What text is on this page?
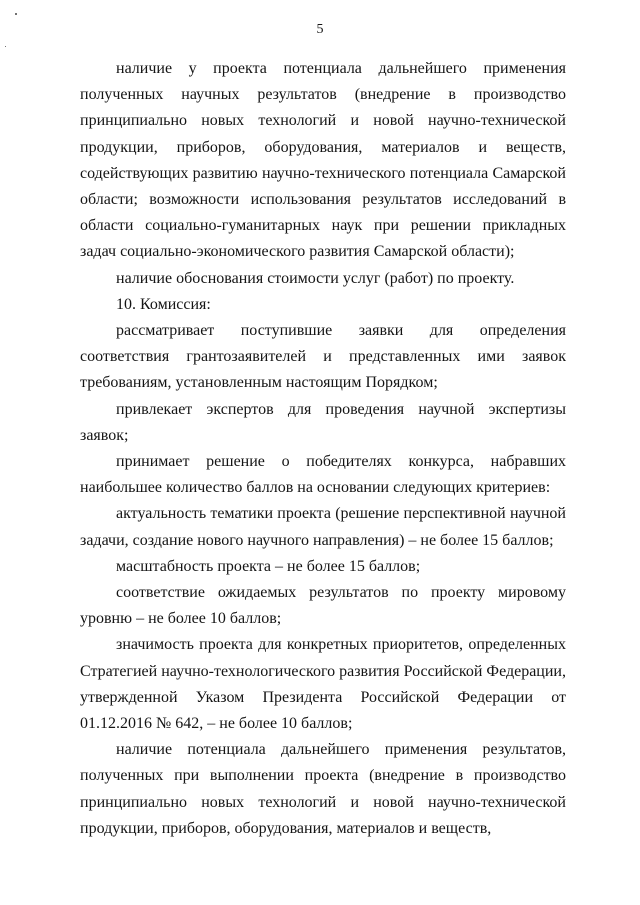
5

наличие у проекта потенциала дальнейшего применения полученных научных результатов (внедрение в производство принципиально новых технологий и новой научно-технической продукции, приборов, оборудования, материалов и веществ, содействующих развитию научно-технического потенциала Самарской области; возможности использования результатов исследований в области социально-гуманитарных наук при решении прикладных задач социально-экономического развития Самарской области);

наличие обоснования стоимости услуг (работ) по проекту.

10. Комиссия:

рассматривает поступившие заявки для определения соответствия грантозаявителей и представленных ими заявок требованиям, установленным настоящим Порядком;

привлекает экспертов для проведения научной экспертизы заявок;

принимает решение о победителях конкурса, набравших наибольшее количество баллов на основании следующих критериев:

актуальность тематики проекта (решение перспективной научной задачи, создание нового научного направления) – не более 15 баллов;

масштабность проекта – не более 15 баллов;

соответствие ожидаемых результатов по проекту мировому уровню – не более 10 баллов;

значимость проекта для конкретных приоритетов, определенных Стратегией научно-технологического развития Российской Федерации, утвержденной Указом Президента Российской Федерации от 01.12.2016 № 642, – не более 10 баллов;

наличие потенциала дальнейшего применения результатов, полученных при выполнении проекта (внедрение в производство принципиально новых технологий и новой научно-технической продукции, приборов, оборудования, материалов и веществ,
